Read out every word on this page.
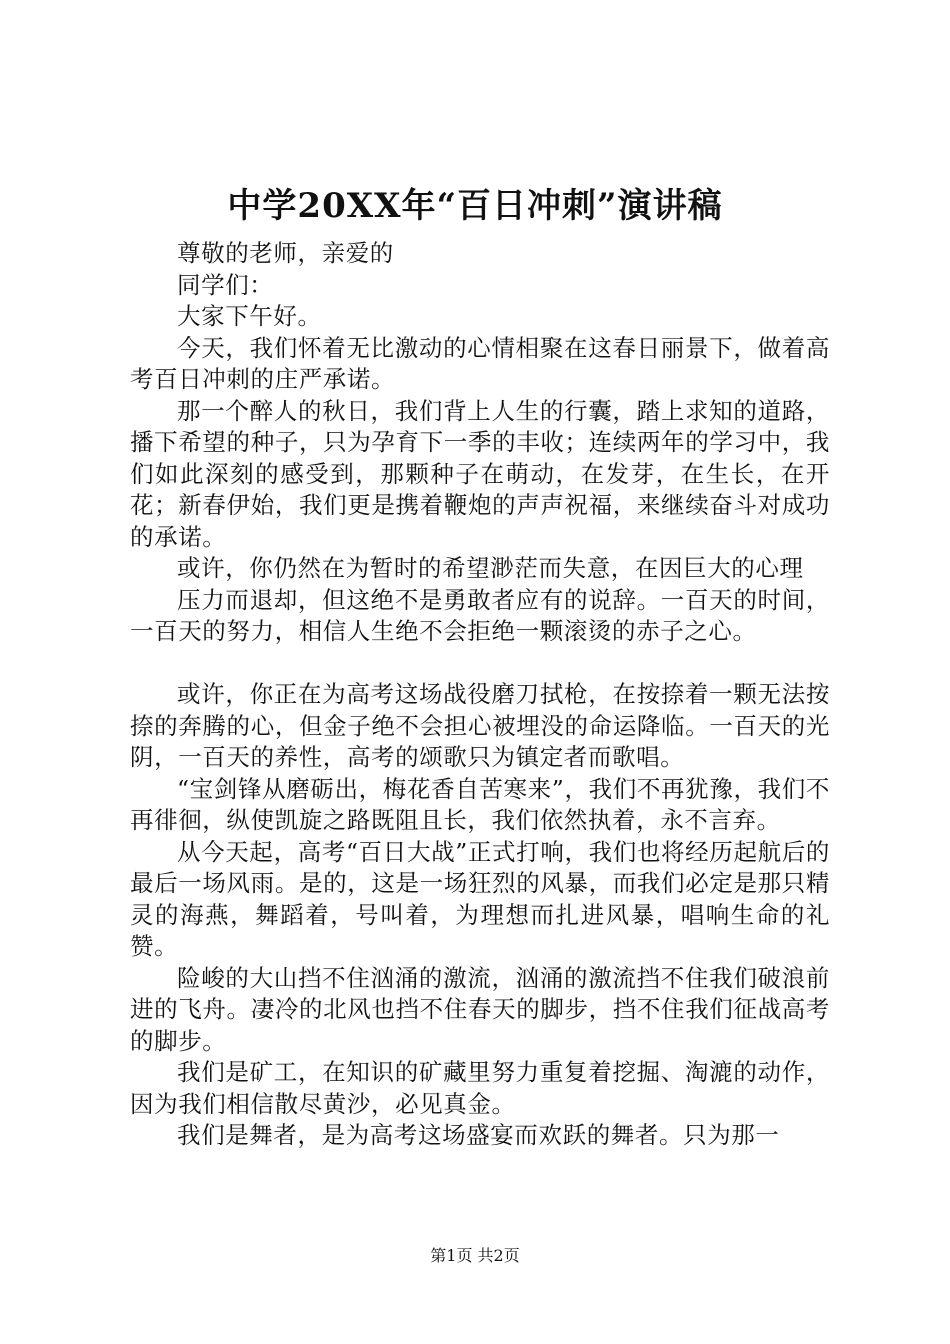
中学20XX年“百日冲刺”演讲稿

尊敬的老师，亲爱的

同学们：

大家下午好。

今天，我们怀着无比激动的心情相聚在这春日丽景下，做着高考百日冲刺的庄严承诺。

那一个醉人的秋日，我们背上人生的行囊，踏上求知的道路，播下希望的种子，只为孕育下一季的丰收；连续两年的学习中，我们如此深刻的感受到，那颗种子在萌动，在发芽，在生长，在开花；新春伊始，我们更是携着鞭炮的声声祝福，来继续奋斗对成功的承诺。

或许，你仍然在为暂时的希望渺茫而失意，在因巨大的心理

压力而退却，但这绝不是勇敢者应有的说辞。一百天的时间，一百天的努力，相信人生绝不会拒绝一颗滚烫的赤子之心。

或许，你正在为高考这场战役磨刀拭枪，在按捺着一颗无法按捺的奔腾的心，但金子绝不会担心被埋没的命运降临。一百天的光阴，一百天的养性，高考的颂歌只为镇定者而歌唱。

“宝剑锋从磨砺出，梅花香自苦寒来”，我们不再犹豫，我们不再徘徊，纵使凯旋之路既阻且长，我们依然执着，永不言弃。

从今天起，高考“百日大战”正式打响，我们也将经历起航后的最后一场风雨。是的，这是一场狂烈的风暴，而我们必定是那只精灵的海燕，舞蹈着，号叫着，为理想而扎进风暴，唱响生命的礼赞。

险峻的大山挡不住汹涌的激流，汹涌的激流挡不住我们破浪前进的飞舟。凄冷的北风也挡不住春天的脚步，挡不住我们征战高考的脚步。

我们是矿工，在知识的矿藏里努力重复着挖掘、淘漉的动作，因为我们相信散尽黄沙，必见真金。

我们是舞者，是为高考这场盛宴而欢跃的舞者。只为那一

第1页 共2页
